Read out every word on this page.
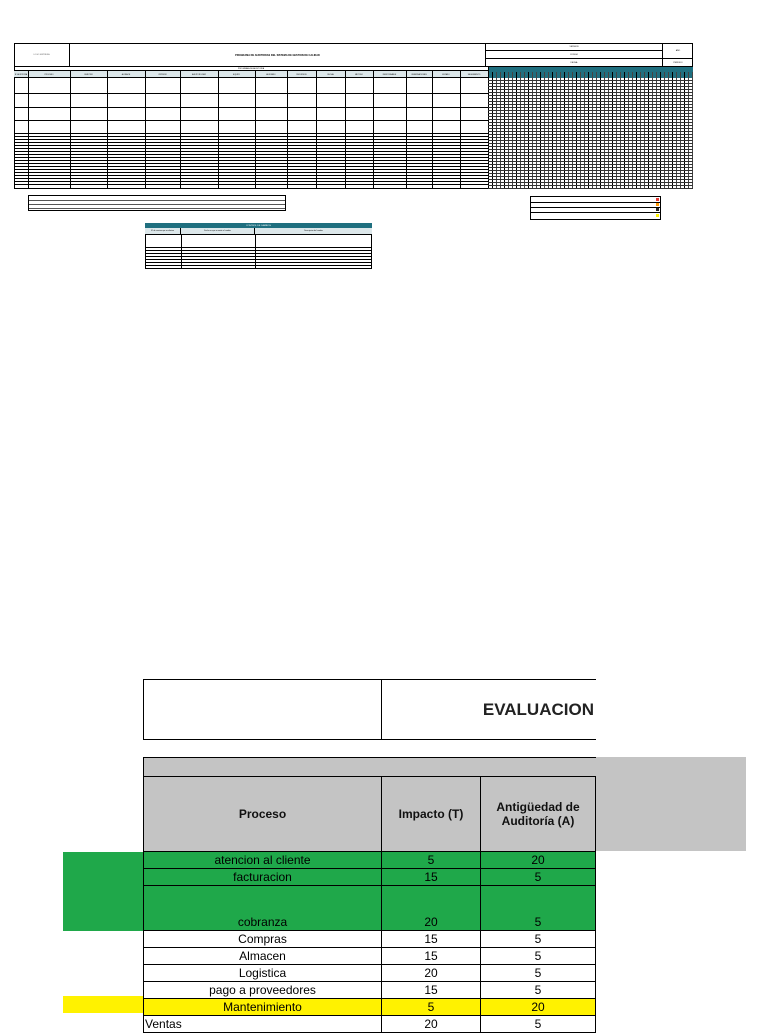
LOGO EMPRESA	PROGRAMA DE AUDITORIAS DEL SISTEMA DE GESTION DE CALIDAD
VERSION
CODIGO
FECHA
AÑO
PERIODO
PROGRAMA DE AUDITORIA
N° AUDITORIA	PROCESO	OBJETIVO	ALCANCE	CRITERIO	AUDITOR LIDER	EQUIPO	AUDITADO	RECURSOS	FECHA	METODO	RESPONSABLE	OBSERVACIONES	ESTADO	SEGUIMIENTO
CONTROL DE CAMBIOS
N° de version que se elimina	Fecha en que se emite el cambio	Descripcion del cambio
EVALUACION
Proceso	Impacto (T)	Antigüedad de Auditoría (A)
atencion al cliente	5	20
facturacion	15	5
cobranza	20	5
Compras	15	5
Almacen	15	5
Logistica	20	5
pago a proveedores	15	5
Mantenimiento	5	20
Ventas	20	5
